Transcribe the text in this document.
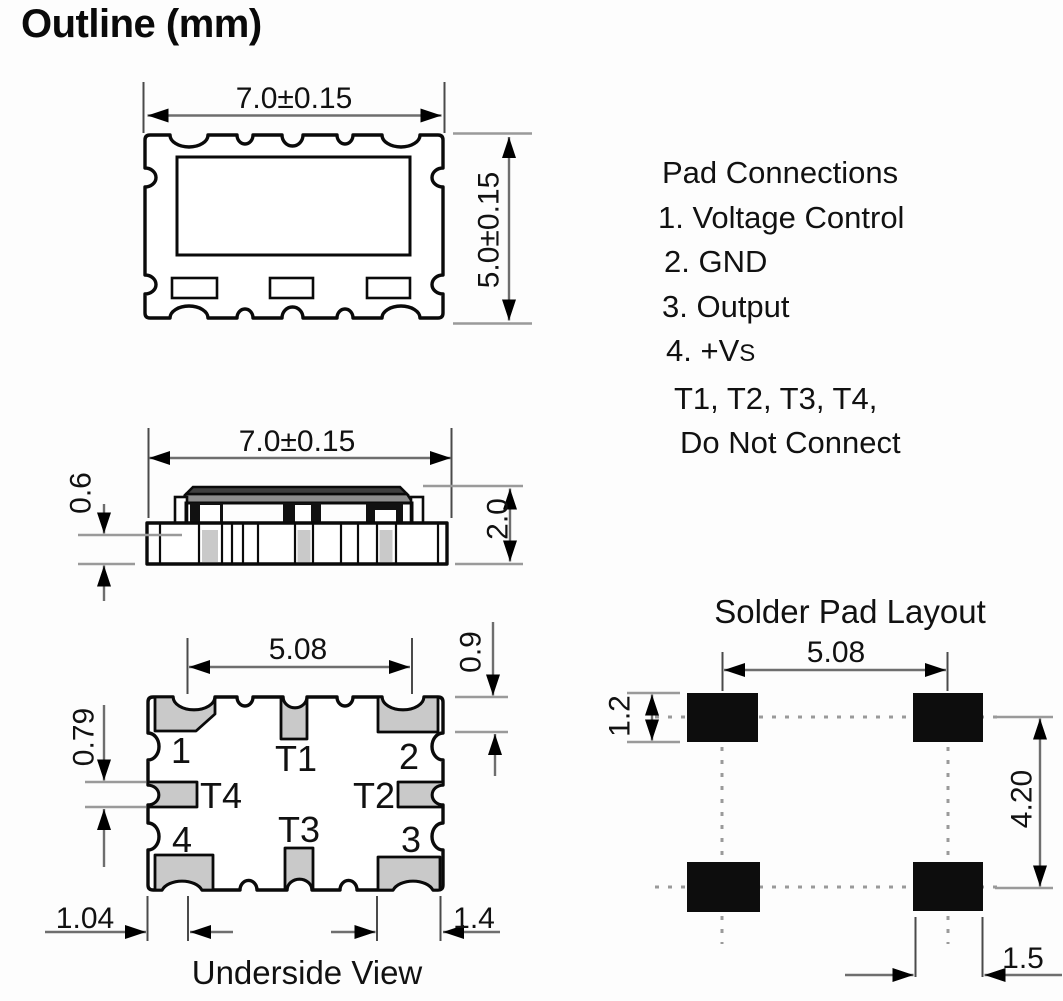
Outline (mm)
Pad Connections
1. Voltage Control
2. GND
3. Output
4. +VS
T1, T2, T3, T4,
Do Not Connect
7.0±0.15
5.0±0.15
7.0±0.15
0.6
2.0
1 T1 2
T4	T2
4 T3 3
5.08	0.9
0.79
1.04	1.4
Underside View
Solder Pad Layout
5.08
1.2
4.20
1.5
